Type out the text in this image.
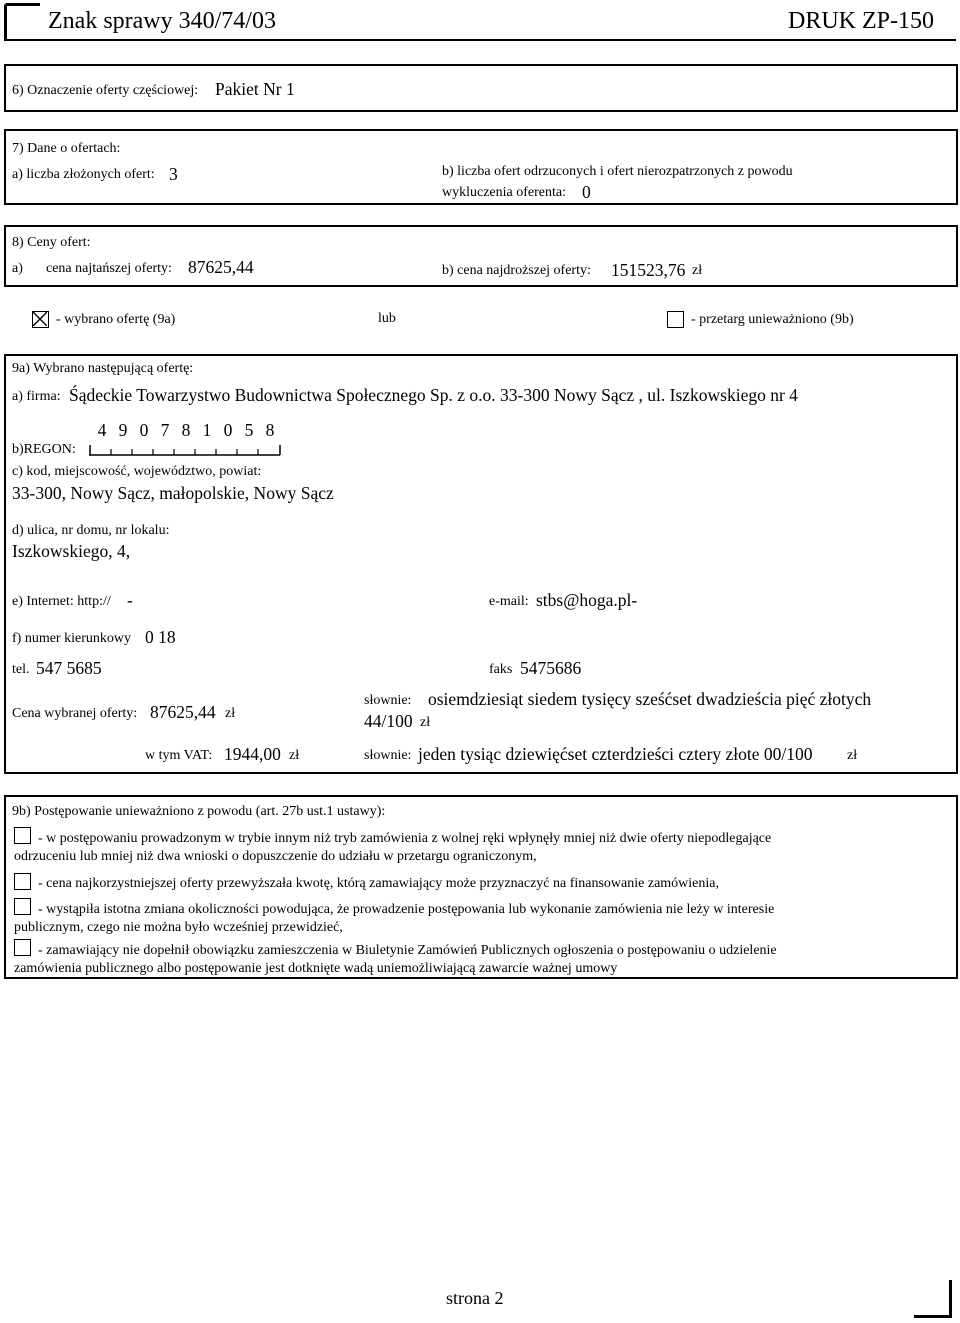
Znak sprawy 340/74/03	DRUK ZP-150
6) Oznaczenie oferty częściowej: Pakiet Nr 1
7) Dane o ofertach:
a) liczba złożonych ofert: 3	b) liczba ofert odrzuconych i ofert nierozpatrzonych z powodu
wykluczenia oferenta: 0
8) Ceny ofert:
a) cena najtańszej oferty: 87625,44	b) cena najdroższej oferty: 151523,76 zł
- wybrano ofertę (9a)	lub	- przetarg unieważniono (9b)
9a) Wybrano następującą ofertę:
a) firma: Śądeckie Towarzystwo Budownictwa Społecznego Sp. z o.o. 33-300 Nowy Sącz , ul. Iszkowskiego nr 4
b)REGON:
4 9 0 7 8 1 0 5 8
c) kod, miejscowość, województwo, powiat:
33-300, Nowy Sącz, małopolskie, Nowy Sącz
d) ulica, nr domu, nr lokalu:
Iszkowskiego, 4,
e) Internet: http:// -	e-mail: stbs@hoga.pl-
f) numer kierunkowy 0 18
tel. 547 5685	faks 5475686
Cena wybranej oferty: 87625,44 zł
słownie: osiemdziesiąt siedem tysięcy sześćset dwadzieścia pięć złotych
44/100 zł
w tym VAT: 1944,00 zł	słownie: jeden tysiąc dziewięćset czterdzieści cztery złote 00/100 zł
9b) Postępowanie unieważniono z powodu (art. 27b ust.1 ustawy):
- w postępowaniu prowadzonym w trybie innym niż tryb zamówienia z wolnej ręki wpłynęły mniej niż dwie oferty niepodlegające
odrzuceniu lub mniej niż dwa wnioski o dopuszczenie do udziału w przetargu ograniczonym,
- cena najkorzystniejszej oferty przewyższała kwotę, którą zamawiający może przyznaczyć na finansowanie zamówienia,
- wystąpiła istotna zmiana okoliczności powodująca, że prowadzenie postępowania lub wykonanie zamówienia nie leży w interesie
publicznym, czego nie można było wcześniej przewidzieć,
- zamawiający nie dopełnił obowiązku zamieszczenia w Biuletynie Zamówień Publicznych ogłoszenia o postępowaniu o udzielenie
zamówienia publicznego albo postępowanie jest dotknięte wadą uniemożliwiającą zawarcie ważnej umowy
strona 2
